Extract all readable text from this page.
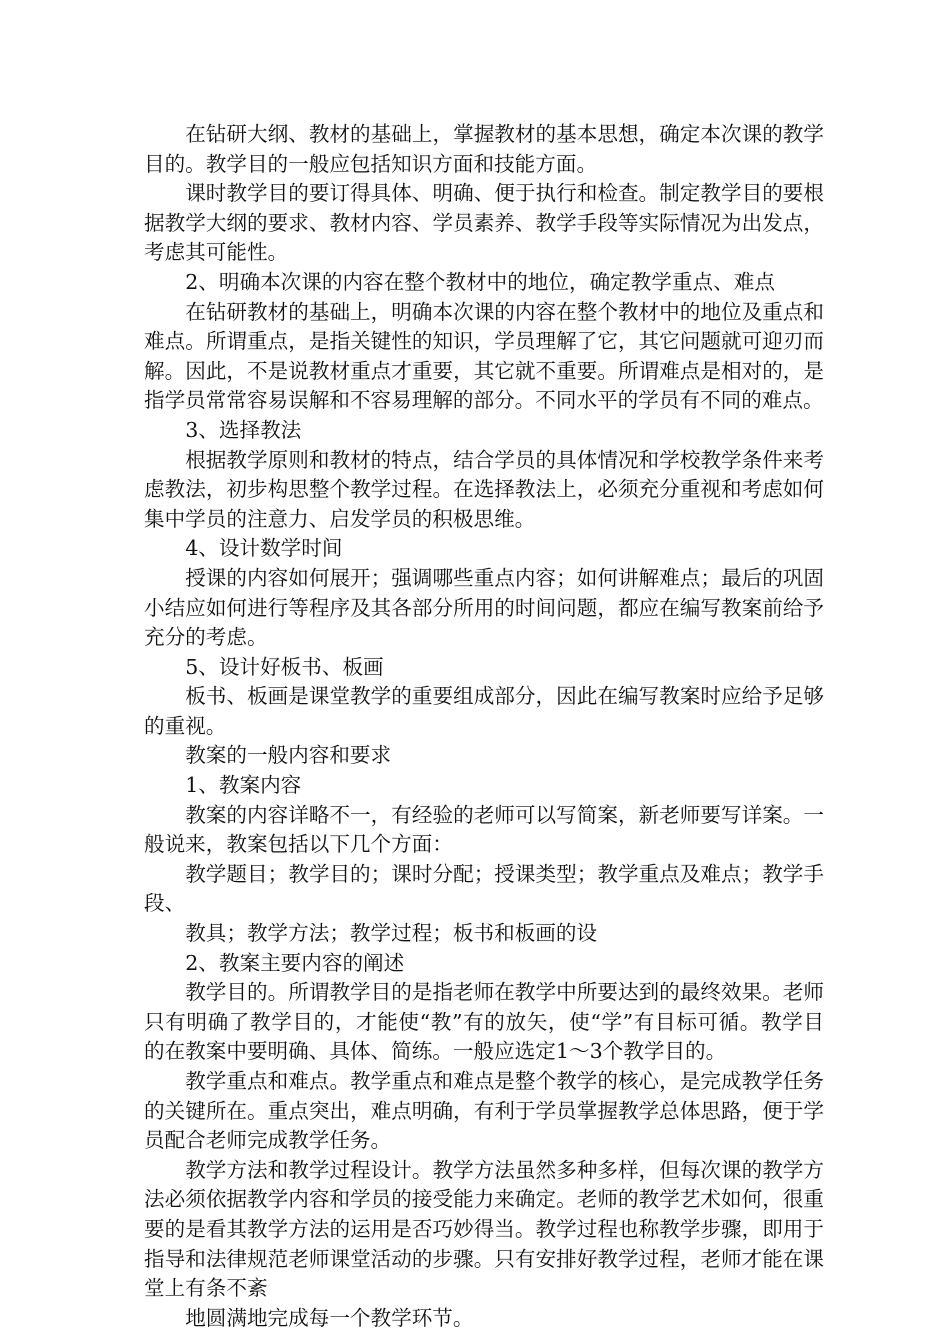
在钻研大纲、教材的基础上，掌握教材的基本思想，确定本次课的教学目的。教学目的一般应包括知识方面和技能方面。

课时教学目的要订得具体、明确、便于执行和检查。制定教学目的要根据教学大纲的要求、教材内容、学员素养、教学手段等实际情况为出发点，考虑其可能性。

2、明确本次课的内容在整个教材中的地位，确定教学重点、难点

在钻研教材的基础上，明确本次课的内容在整个教材中的地位及重点和难点。所谓重点，是指关键性的知识，学员理解了它，其它问题就可迎刃而解。因此，不是说教材重点才重要，其它就不重要。所谓难点是相对的，是指学员常常容易误解和不容易理解的部分。不同水平的学员有不同的难点。

3、选择教法

根据教学原则和教材的特点，结合学员的具体情况和学校教学条件来考虑教法，初步构思整个教学过程。在选择教法上，必须充分重视和考虑如何集中学员的注意力、启发学员的积极思维。

4、设计数学时间

授课的内容如何展开；强调哪些重点内容；如何讲解难点；最后的巩固小结应如何进行等程序及其各部分所用的时间问题，都应在编写教案前给予充分的考虑。

5、设计好板书、板画

板书、板画是课堂教学的重要组成部分，因此在编写教案时应给予足够的重视。

教案的一般内容和要求

1、教案内容

教案的内容详略不一，有经验的老师可以写简案，新老师要写详案。一般说来，教案包括以下几个方面：

教学题目；教学目的；课时分配；授课类型；教学重点及难点；教学手段、

教具；教学方法；教学过程；板书和板画的设

2、教案主要内容的阐述

教学目的。所谓教学目的是指老师在教学中所要达到的最终效果。老师只有明确了教学目的，才能使“教”有的放矢，使“学”有目标可循。教学目的在教案中要明确、具体、简练。一般应选定1～3个教学目的。

教学重点和难点。教学重点和难点是整个教学的核心，是完成教学任务的关键所在。重点突出，难点明确，有利于学员掌握教学总体思路，便于学员配合老师完成教学任务。

教学方法和教学过程设计。教学方法虽然多种多样，但每次课的教学方法必须依据教学内容和学员的接受能力来确定。老师的教学艺术如何，很重要的是看其教学方法的运用是否巧妙得当。教学过程也称教学步骤，即用于指导和法律规范老师课堂活动的步骤。只有安排好教学过程，老师才能在课堂上有条不紊

地圆满地完成每一个教学环节。
